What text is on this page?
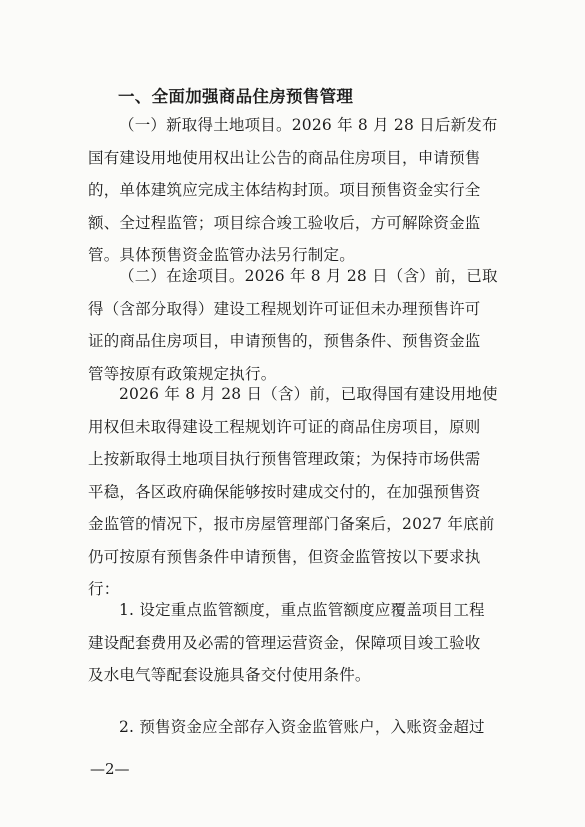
一、全面加强商品住房预售管理
（一）新取得土地项目。2026 年 8 月 28 日后新发布
国有建设用地使用权出让公告的商品住房项目，申请预售
的，单体建筑应完成主体结构封顶。项目预售资金实行全
额、全过程监管；项目综合竣工验收后，方可解除资金监
管。具体预售资金监管办法另行制定。
（二）在途项目。2026 年 8 月 28 日（含）前，已取
得（含部分取得）建设工程规划许可证但未办理预售许可
证的商品住房项目，申请预售的，预售条件、预售资金监
管等按原有政策规定执行。
2026 年 8 月 28 日（含）前，已取得国有建设用地使
用权但未取得建设工程规划许可证的商品住房项目，原则
上按新取得土地项目执行预售管理政策；为保持市场供需
平稳，各区政府确保能够按时建成交付的，在加强预售资
金监管的情况下，报市房屋管理部门备案后，2027 年底前
仍可按原有预售条件申请预售，但资金监管按以下要求执
行：
1. 设定重点监管额度，重点监管额度应覆盖项目工程
建设配套费用及必需的管理运营资金，保障项目竣工验收
及水电气等配套设施具备交付使用条件。
2. 预售资金应全部存入资金监管账户，入账资金超过
—2—
